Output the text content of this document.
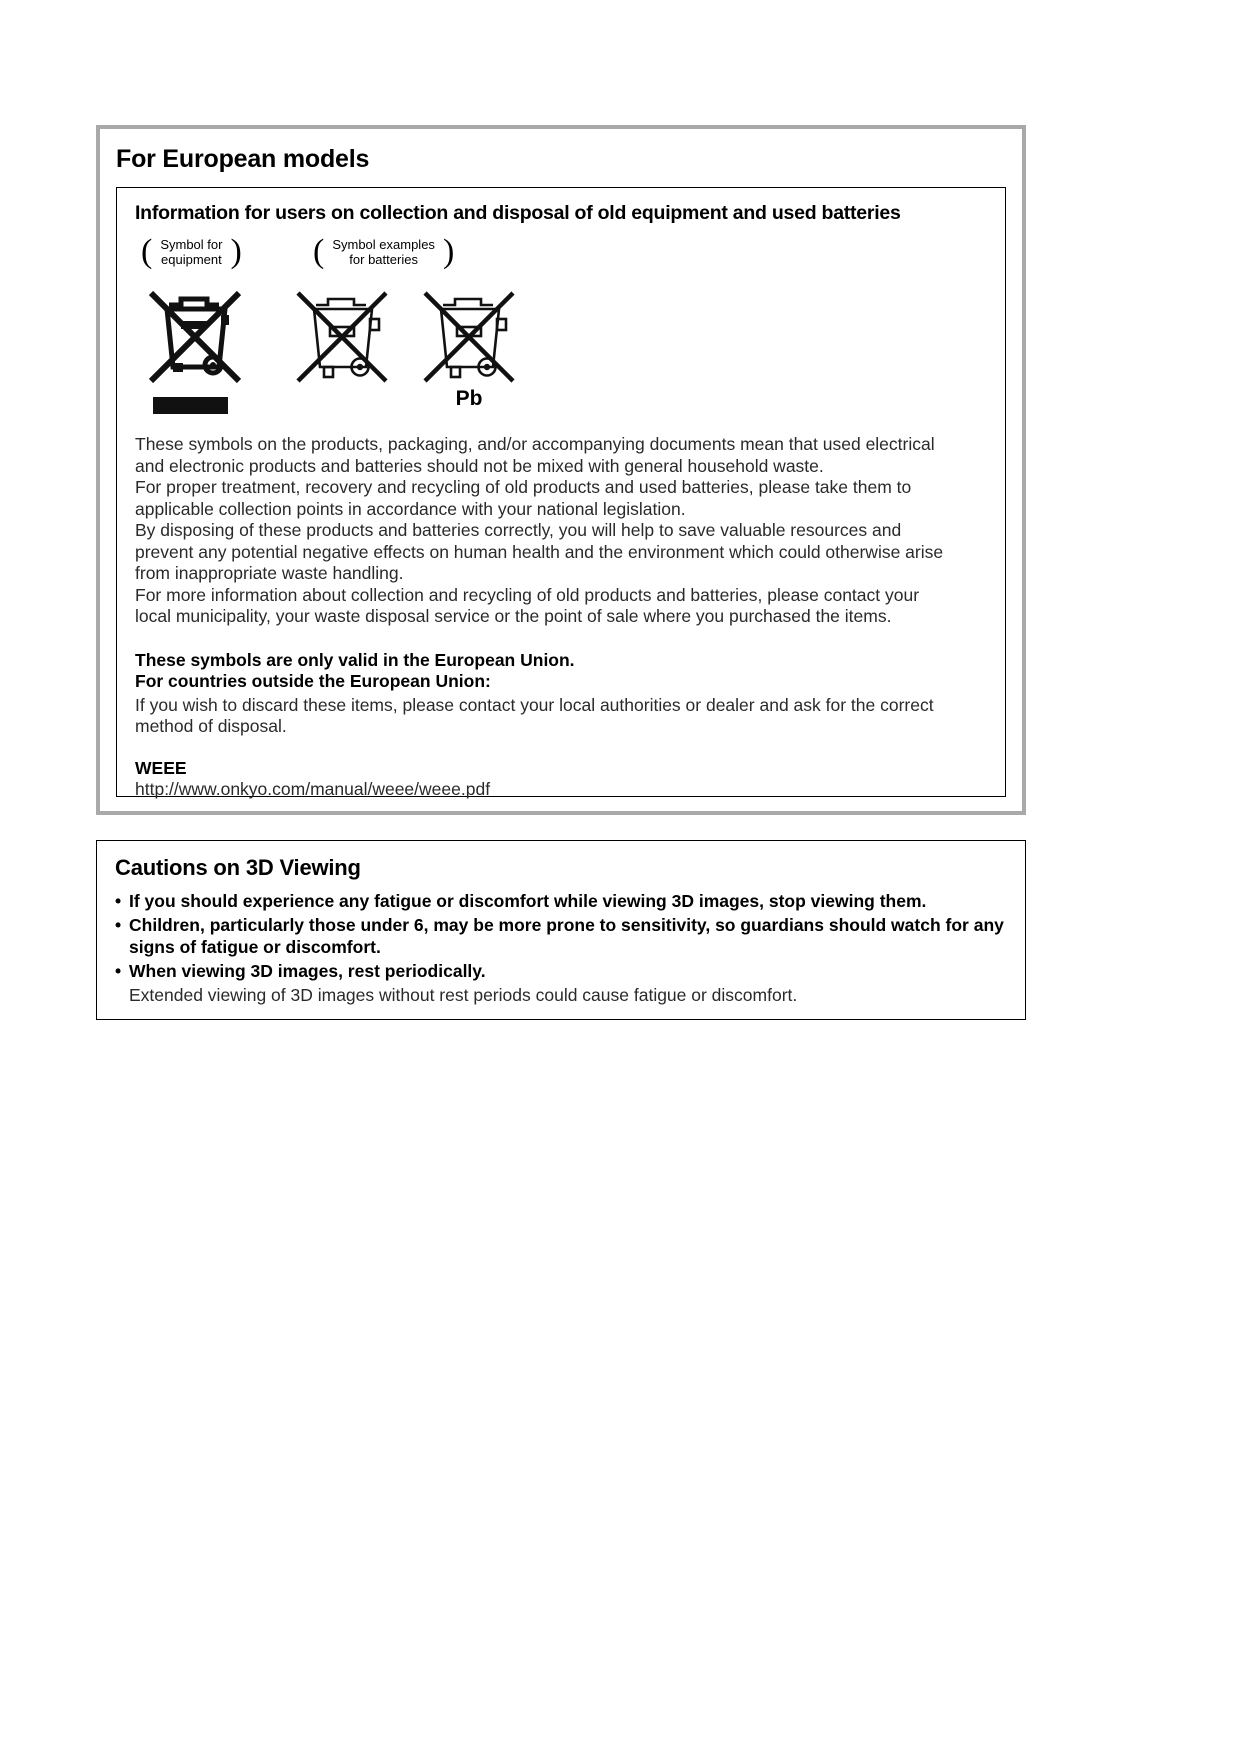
For European models
Information for users on collection and disposal of old equipment and used batteries
( Symbol for
equipment ) ( Symbol examples
for batteries )
Pb

These symbols on the products, packaging, and/or accompanying documents mean that used electrical
and electronic products and batteries should not be mixed with general household waste.
For proper treatment, recovery and recycling of old products and used batteries, please take them to
applicable collection points in accordance with your national legislation.
By disposing of these products and batteries correctly, you will help to save valuable resources and
prevent any potential negative effects on human health and the environment which could otherwise arise
from inappropriate waste handling.
For more information about collection and recycling of old products and batteries, please contact your
local municipality, your waste disposal service or the point of sale where you purchased the items.

These symbols are only valid in the European Union.
For countries outside the European Union:
If you wish to discard these items, please contact your local authorities or dealer and ask for the correct
method of disposal.
WEEE
http://www.onkyo.com/manual/weee/weee.pdf
Cautions on 3D Viewing
• If you should experience any fatigue or discomfort while viewing 3D images, stop viewing them.
• Children, particularly those under 6, may be more prone to sensitivity, so guardians should watch for any signs of fatigue or discomfort.
• When viewing 3D images, rest periodically.
Extended viewing of 3D images without rest periods could cause fatigue or discomfort.
